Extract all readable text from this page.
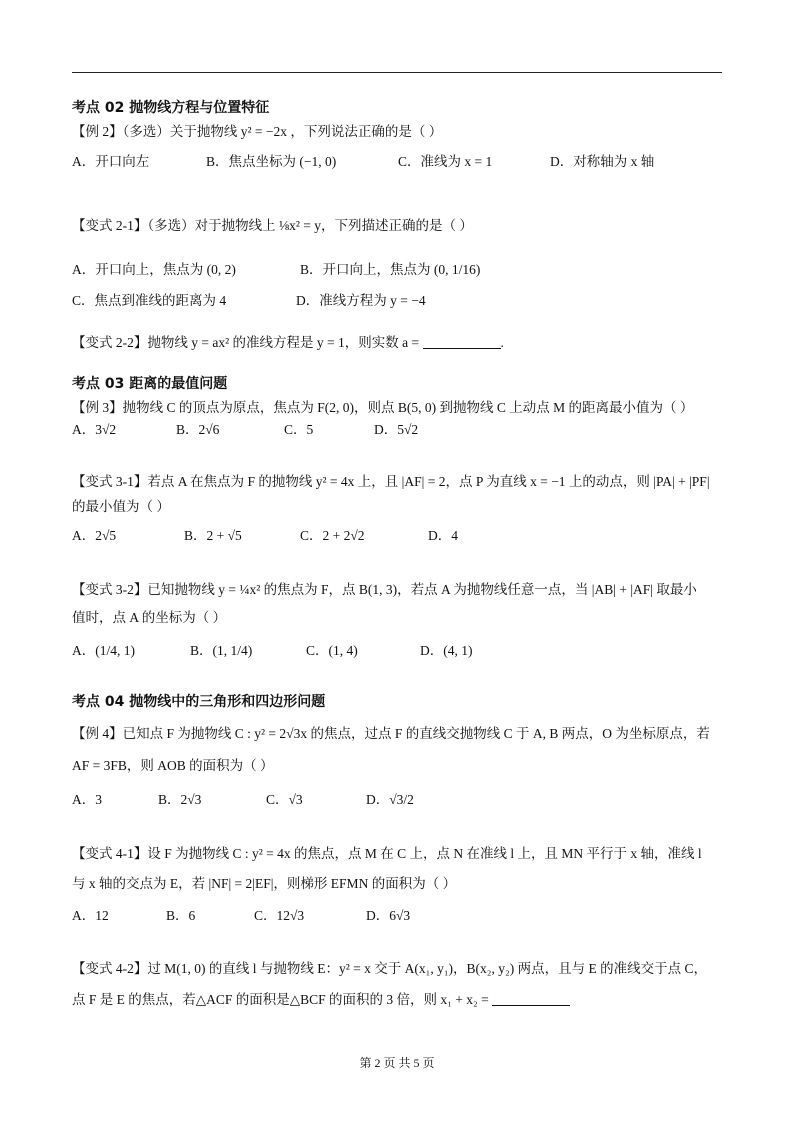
考点 02 抛物线方程与位置特征
【例 2】（多选）关于抛物线 y² = −2x ，下列说法正确的是（ ）
A．开口向左	B．焦点坐标为 (−1, 0)	C．准线为 x = 1	D．对称轴为 x 轴
【变式 2-1】（多选）对于抛物线上 ⅛x² = y，下列描述正确的是（ ）
A．开口向上，焦点为 (0, 2)	B．开口向上，焦点为 (0, 1/16)
C．焦点到准线的距离为 4	D．准线方程为 y = −4
【变式 2-2】抛物线 y = ax² 的准线方程是 y = 1，则实数 a =	.
考点 03 距离的最值问题
【例 3】抛物线 C 的顶点为原点，焦点为 F(2, 0)，则点 B(5, 0) 到抛物线 C 上动点 M 的距离最小值为（ ）
A．3√2	B．2√6	C．5	D．5√2
【变式 3-1】若点 A 在焦点为 F 的抛物线 y² = 4x 上，且 |AF| = 2，点 P 为直线 x = −1 上的动点，则 |PA| + |PF|
的最小值为（ ）
A．2√5	B．2 + √5	C．2 + 2√2	D．4
【变式 3-2】已知抛物线 y = ¼x² 的焦点为 F，点 B(1, 3)，若点 A 为抛物线任意一点，当 |AB| + |AF| 取最小
值时，点 A 的坐标为（ ）
A．(1/4, 1)	B．(1, 1/4)	C．(1, 4)	D．(4, 1)
考点 04 抛物线中的三角形和四边形问题
【例 4】已知点 F 为抛物线 C : y² = 2√3x 的焦点，过点 F 的直线交抛物线 C 于 A, B 两点，O 为坐标原点，若
AF = 3FB，则 AOB 的面积为（ ）
A．3	B．2√3	C．√3	D．√3/2
【变式 4-1】设 F 为抛物线 C : y² = 4x 的焦点，点 M 在 C 上，点 N 在准线 l 上，且 MN 平行于 x 轴，准线 l
与 x 轴的交点为 E，若 |NF| = 2|EF|，则梯形 EFMN 的面积为（ ）
A．12	B．6	C．12√3	D．6√3
【变式 4-2】过 M(1, 0) 的直线 l 与抛物线 E：y² = x 交于 A(x₁, y₁)，B(x₂, y₂) 两点，且与 E 的准线交于点 C，
点 F 是 E 的焦点，若△ACF 的面积是△BCF 的面积的 3 倍，则 x₁ + x₂ =
第 2 页 共 5 页
